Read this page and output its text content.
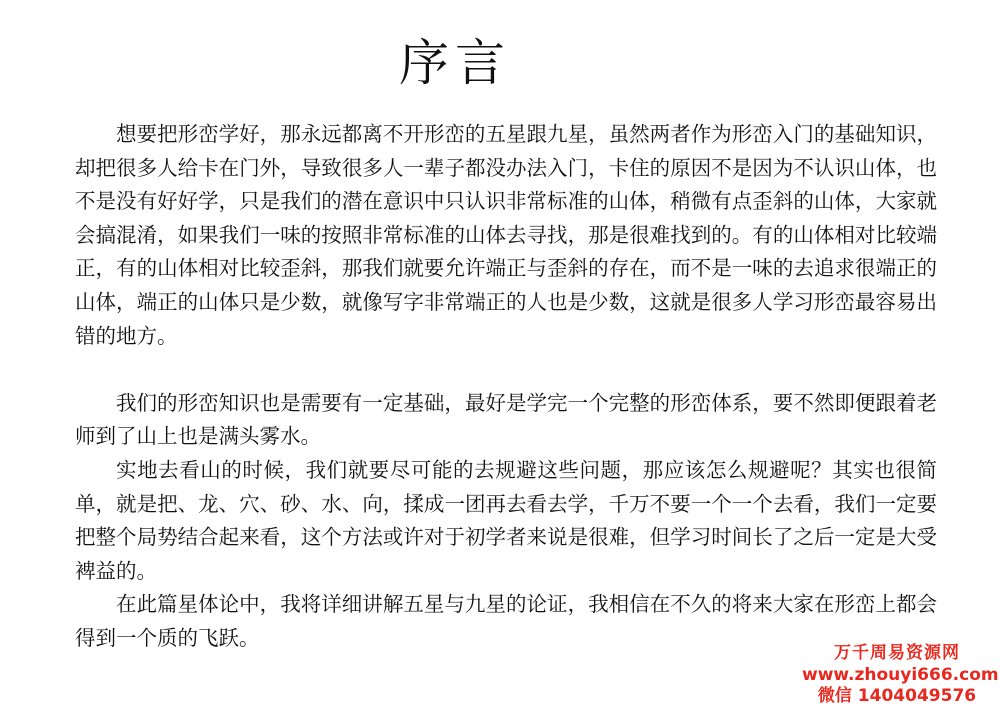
序言

想要把形峦学好，那永远都离不开形峦的五星跟九星，虽然两者作为形峦入门的基础知识，却把很多人给卡在门外，导致很多人一辈子都没办法入门，卡住的原因不是因为不认识山体，也不是没有好好学，只是我们的潜在意识中只认识非常标准的山体，稍微有点歪斜的山体，大家就会搞混淆，如果我们一味的按照非常标准的山体去寻找，那是很难找到的。有的山体相对比较端正，有的山体相对比较歪斜，那我们就要允许端正与歪斜的存在，而不是一味的去追求很端正的山体，端正的山体只是少数，就像写字非常端正的人也是少数，这就是很多人学习形峦最容易出错的地方。

我们的形峦知识也是需要有一定基础，最好是学完一个完整的形峦体系，要不然即便跟着老师到了山上也是满头雾水。

实地去看山的时候，我们就要尽可能的去规避这些问题，那应该怎么规避呢？其实也很简单，就是把、龙、穴、砂、水、向，揉成一团再去看去学，千万不要一个一个去看，我们一定要把整个局势结合起来看，这个方法或许对于初学者来说是很难，但学习时间长了之后一定是大受裨益的。

在此篇星体论中，我将详细讲解五星与九星的论证，我相信在不久的将来大家在形峦上都会得到一个质的飞跃。

万千周易资源网
www.zhouyi666.com
微信 1404049576
